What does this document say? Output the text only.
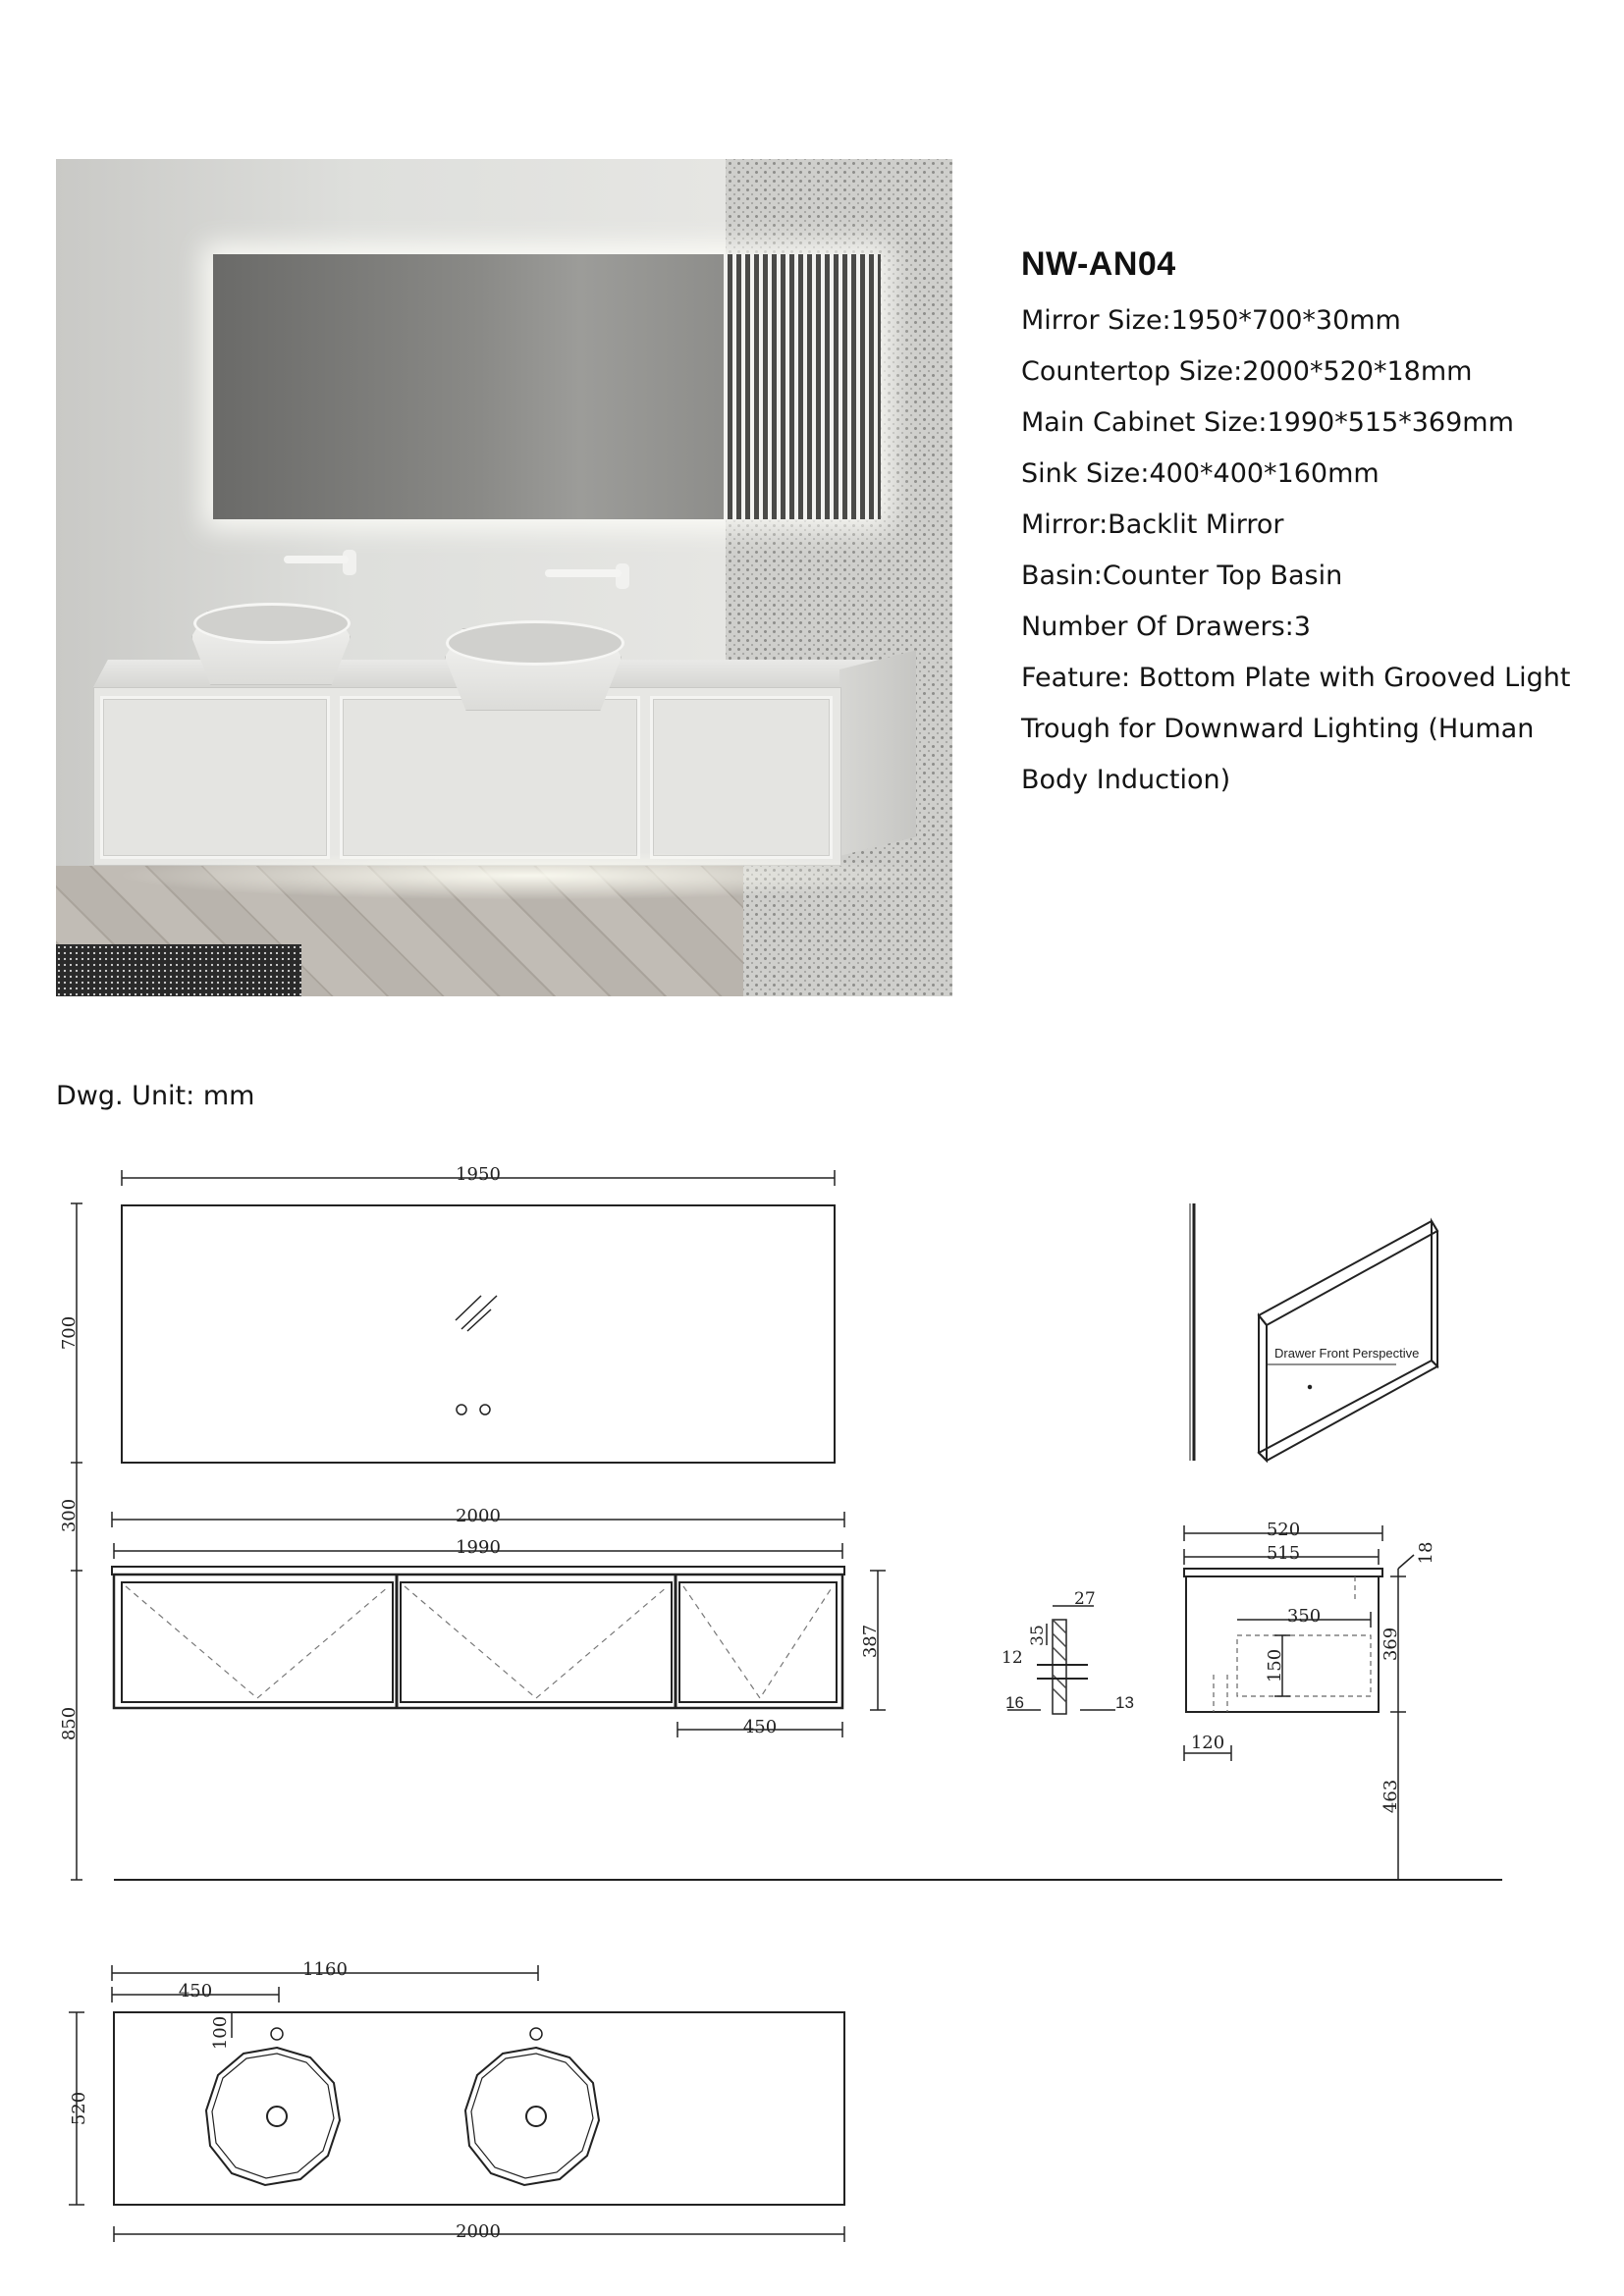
NW-AN04
Mirror Size:1950*700*30mm
Countertop Size:2000*520*18mm
Main Cabinet Size:1990*515*369mm
Sink Size:400*400*160mm
Mirror:Backlit Mirror
Basin:Counter Top Basin
Number Of Drawers:3
Feature: Bottom Plate with Grooved Light
Trough for Downward Lighting (Human
Body Induction)
Dwg. Unit: mm
1950
700
300
850
2000
1990
387
450
Drawer Front Perspective
27
35
12
16	13
520
515	18
350
150
369
120
463
1160
450
100
520
2000
